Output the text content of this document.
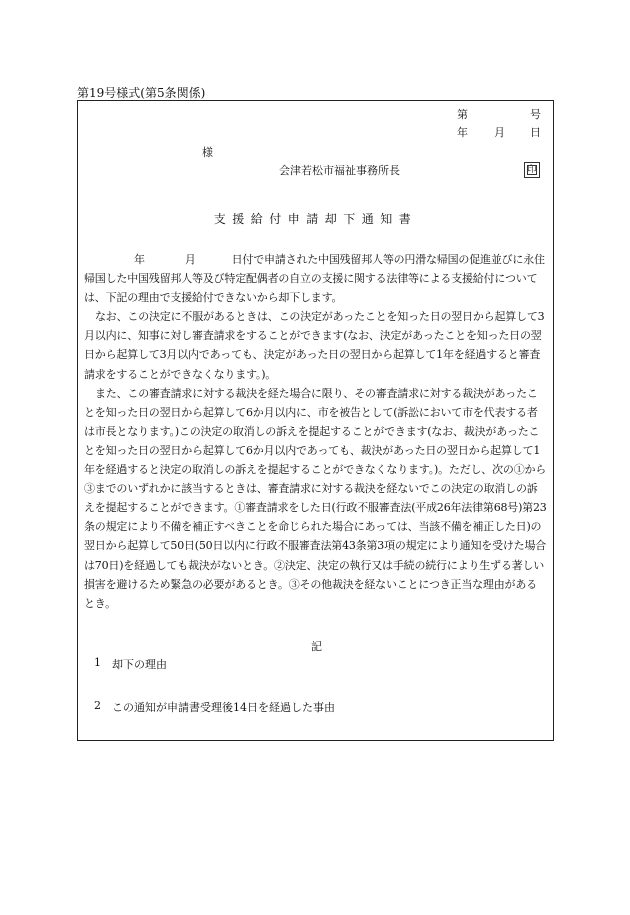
第19号様式(第5条関係)
第	号
年 月 日
様
会津若松市福祉事務所長	印
支援給付申請却下通知書

年	月	日付で申請された中国残留邦人等の円滑な帰国の促進並びに永住帰国した中国残留邦人等及び特定配偶者の自立の支援に関する法律等による支援給付については、下記の理由で支援給付できないから却下します。

なお、この決定に不服があるときは、この決定があったことを知った日の翌日から起算して3月以内に、知事に対し審査請求をすることができます(なお、決定があったことを知った日の翌日から起算して3月以内であっても、決定があった日の翌日から起算して1年を経過すると審査請求をすることができなくなります。)。

また、この審査請求に対する裁決を経た場合に限り、その審査請求に対する裁決があったことを知った日の翌日から起算して6か月以内に、市を被告として(訴訟において市を代表する者は市長となります。)この決定の取消しの訴えを提起することができます(なお、裁決があったことを知った日の翌日から起算して6か月以内であっても、裁決があった日の翌日から起算して1年を経過すると決定の取消しの訴えを提起することができなくなります。)。ただし、次の①から③までのいずれかに該当するときは、審査請求に対する裁決を経ないでこの決定の取消しの訴えを提起することができます。①審査請求をした日(行政不服審査法(平成26年法律第68号)第23条の規定により不備を補正すべきことを命じられた場合にあっては、当該不備を補正した日)の翌日から起算して50日(50日以内に行政不服審査法第43条第3項の規定により通知を受けた場合は70日)を経過しても裁決がないとき。②決定、決定の執行又は手続の続行により生ずる著しい損害を避けるため緊急の必要があるとき。③その他裁決を経ないことにつき正当な理由があるとき。

記
1 却下の理由
2 この通知が申請書受理後14日を経過した事由
